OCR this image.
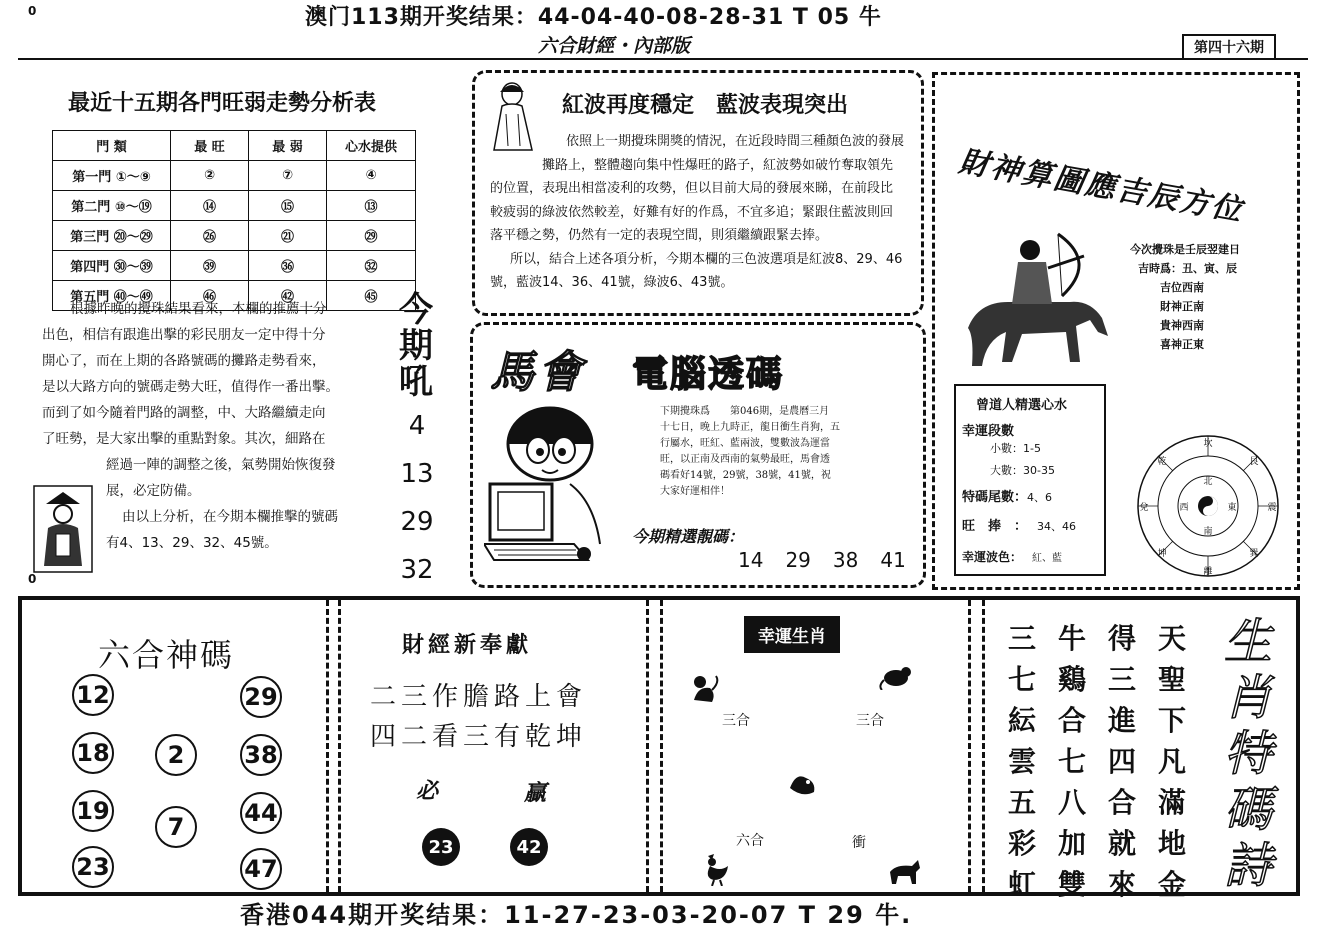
0	澳门113期开奖结果：44-04-40-08-28-31 T 05 牛
六合財經・內部版	第四十六期
最近十五期各門旺弱走勢分析表
門 類	最 旺	最 弱	心水提供
第一門 ①～⑨	②	⑦	④
第二門 ⑩～⑲	⑭	⑮	⑬
第三門 ⑳～㉙	㉖	㉑	㉙
第四門 ㉚～㊴	㊴	㊱	㉜
第五門 ㊵～㊾	㊻	㊷	㊺
根據昨晚的攪珠結果看來，本欄的推薦十分
出色，相信有跟進出擊的彩民朋友一定中得十分
開心了，而在上期的各路號碼的攤路走勢看來，
是以大路方向的號碼走勢大旺，值得作一番出擊。
而到了如今隨着門路的調整，中、大路繼續走向
了旺勢，是大家出擊的重點對象。其次，細路在
經過一陣的調整之後，氣勢開始恢復發
展，必定防備。
由以上分析，在今期本欄推擊的號碼
有4、13、29、32、45號。
今期吼
4
13
29
32
0
紅波再度穩定　藍波表現突出
依照上一期攪珠開獎的情況，在近段時間三種顏色波的發展
攤路上，整體趨向集中性爆旺的路子，紅波勢如破竹奪取領先
的位置，表現出相當凌利的攻勢，但以目前大局的發展來睇，在前段比
較疲弱的綠波依然較差，好難有好的作爲，不宜多追；緊跟住藍波則回
落平穩之勢，仍然有一定的表現空間，則須繼續跟緊去捧。
所以，結合上述各項分析，今期本欄的三色波選項是紅波8、29、46
號，藍波14、36、41號，綠波6、43號。
馬會 電腦透碼
下期攪珠爲　　第046期，是農曆三月
十七日，晚上九時正，龍日衝生肖狗，五
行屬水，旺紅、藍兩波，雙數波為運當
旺，以正南及西南的氣勢最旺，馬會透
碼看好14號，29號，38號，41號，祝
大家好運相伴！
今期精選靚碼：
14 29 38 41
財神算圖應吉辰方位
今次攪珠是壬辰翌建日
吉時爲：丑、寅、辰
吉位西南
財神正南
貴神西南
喜神正東
曾道人精選心水
幸運段數
小數：1-5
大數：30-35
特碼尾數：4、6
旺　捧　： 34、46
幸運波色： 紅、藍
坎
艮
震
巽
離
坤
兌
乾
北
東
南
西
六合神碼
12	29
18	2	38
19	44
7
23	47
財經新奉獻
二三作膽路上會
四二看三有乾坤
必	贏
23	42
幸運生肖
三合	三合
六合	衝
天
聖
下
凡
滿
地
金
得
三
進
四
合
就
來
牛
鷄
合
七
八
加
雙
三
七
紜
雲
五
彩
虹
生肖特碼詩
香港044期开奖结果：11-27-23-03-20-07 T 29 牛.
